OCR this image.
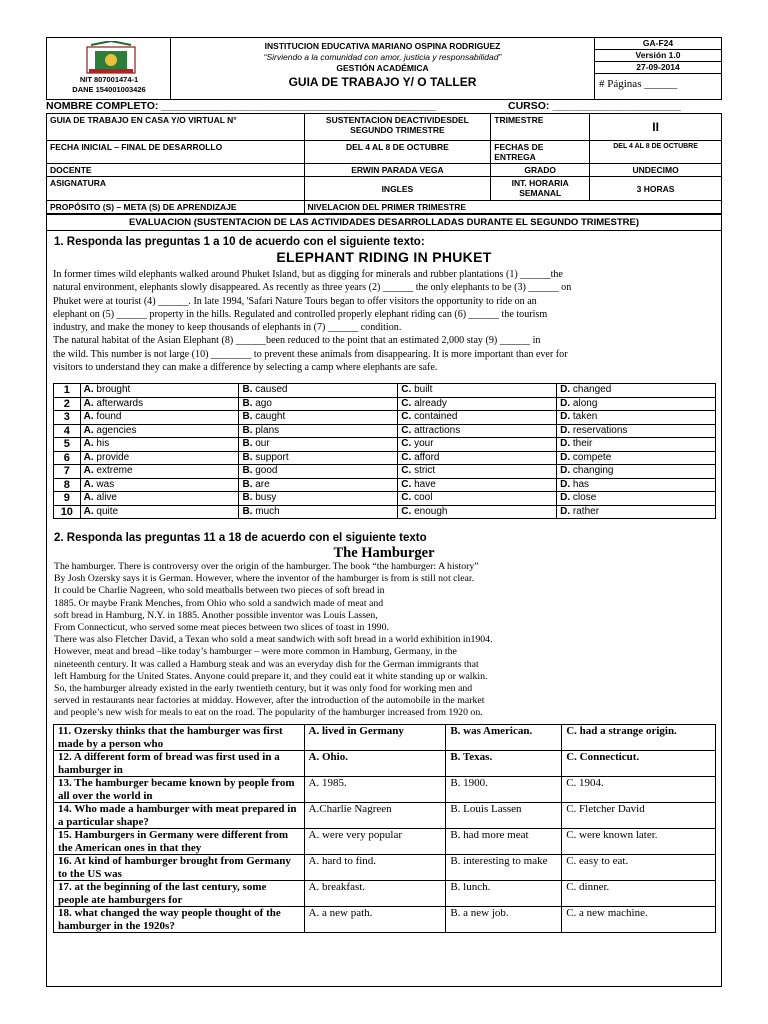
NIT 807001474-1
DANE 154001003426
INSTITUCION EDUCATIVA MARIANO OSPINA RODRIGUEZ
“Sirviendo a la comunidad con amor, justicia y responsabilidad”
GESTIÓN ACADÉMICA
GUIA DE TRABAJO Y/ O TALLER
GA-F24
Versión 1.0
27-09-2014
# Páginas ______
NOMBRE COMPLETO: _______________________________________________	CURSO: ______________________
GUIA DE TRABAJO EN CASA Y/O VIRTUAL N°	SUSTENTACION DEACTIVIDESDEL SEGUNDO TRIMESTRE	TRIMESTRE	II
FECHA INICIAL – FINAL DE DESARROLLO	DEL 4 AL 8 DE OCTUBRE	FECHAS DE ENTREGA	DEL 4 AL 8 DE OCTUBRE
DOCENTE	ERWIN PARADA VEGA	GRADO	UNDECIMO
ASIGNATURA	INGLES	INT. HORARIA SEMANAL	3 HORAS
PROPÓSITO (S) – META (S) DE APRENDIZAJE	NIVELACION DEL PRIMER TRIMESTRE		
EVALUACION (SUSTENTACION DE LAS ACTIVIDADES DESARROLLADAS DURANTE EL SEGUNDO TRIMESTRE)
1. Responda las preguntas 1 a 10 de acuerdo con el siguiente texto:
ELEPHANT RIDING IN PHUKET

In former times wild elephants walked around Phuket Island, but as digging for minerals and rubber plantations (1) ______the

natural environment, elephants slowly disappeared. As recently as three years (2) ______ the only elephants to be (3) ______ on

Phuket were at tourist (4) ______. In late 1994, 'Safari Nature Tours began to offer visitors the opportunity to ride on an

elephant on (5) ______ property in the hills. Regulated and controlled properly elephant riding can (6) ______ the tourism

industry, and make the money to keep thousands of elephants in (7) ______ condition.

The natural habitat of the Asian Elephant (8) ______been reduced to the point that an estimated 2,000 stay (9) ______ in

the wild. This number is not large (10) ________ to prevent these animals from disappearing. It is more important than ever for

visitors to understand they can make a difference by selecting a camp where elephants are safe.

1	A. brought	B. caused	C. built	D. changed
2	A. afterwards	B. ago	C. already	D. along
3	A. found	B. caught	C. contained	D. taken
4	A. agencies	B. plans	C. attractions	D. reservations
5	A. his	B. our	C. your	D. their
6	A. provide	B. support	C. afford	D. compete
7	A. extreme	B. good	C. strict	D. changing
8	A. was	B. are	C. have	D. has
9	A. alive	B. busy	C. cool	D. close
10	A. quite	B. much	C. enough	D. rather
2. Responda las preguntas 11 a 18 de acuerdo con el siguiente texto
The Hamburger

The hamburger. There is controversy over the origin of the hamburger. The book “the hamburger: A history”

By Josh Ozersky says it is German. However, where the inventor of the hamburger is from is still not clear.

It could be Charlie Nagreen, who sold meatballs between two pieces of soft bread in

1885. Or maybe Frank Menches, from Ohio who sold a sandwich made of meat and

soft bread in Hamburg, N.Y. in 1885. Another possible inventor was Louis Lassen,

From Connecticut, who served some meat pieces between two slices of toast in 1990.

There was also Fletcher David, a Texan who sold a meat sandwich with soft bread in a world exhibition in1904.

However, meat and bread –like today’s hamburger – were more common in Hamburg, Germany, in the

nineteenth century. It was called a Hamburg steak and was an everyday dish for the German immigrants that

left Hamburg for the United States. Anyone could prepare it, and they could eat it white standing up or walkin.

So, the hamburger already existed in the early twentieth century, but it was only food for working men and

served in restaurants near factories at midday. However, after the introduction of the automobile in the market

and people’s new wish for meals to eat on the road. The popularity of the hamburger increased from 1920 on.

11. Ozersky thinks that the hamburger was first made by a person who	A. lived in Germany	B. was American.	C. had a strange origin.
12. A different form of bread was first used in a hamburger in	A. Ohio.	B. Texas.	C. Connecticut.
13. The hamburger became known by people from all over the world in	A. 1985.	B. 1900.	C. 1904.
14. Who made a hamburger with meat prepared in a particular shape?	A.Charlie Nagreen	B. Louis Lassen	C. Fletcher David
15. Hamburgers in Germany were different from the American ones in that they	A. were very popular	B. had more meat	C. were known later.
16. At kind of hamburger brought from Germany to the US was	A. hard to find.	B. interesting to make	C. easy to eat.
17. at the beginning of the last century, some people ate hamburgers for	A. breakfast.	B. lunch.	C. dinner.
18. what changed the way people thought of the hamburger in the 1920s?	A. a new path.	B. a new job.	C. a new machine.
